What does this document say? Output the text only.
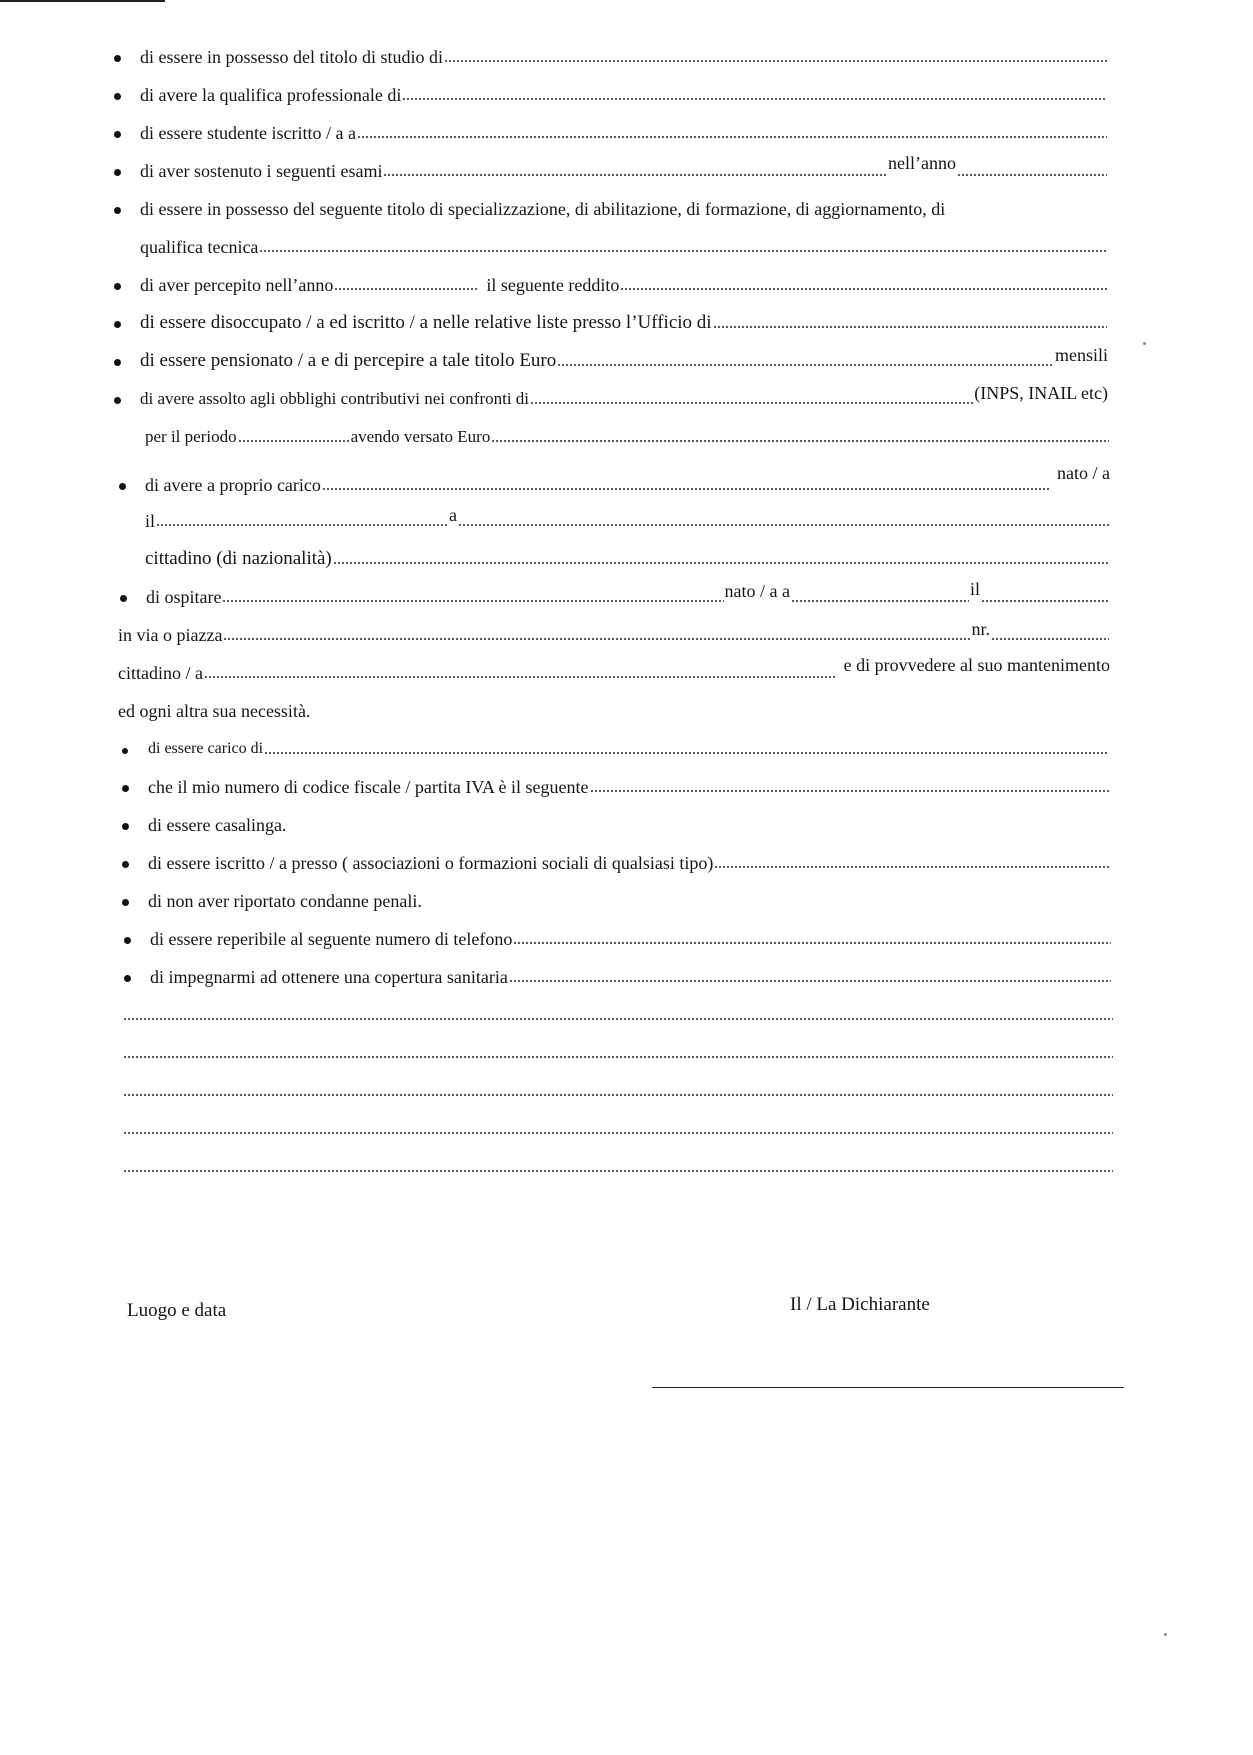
di essere in possesso del titolo di studio di
di avere la qualifica professionale di
di essere studente iscritto / a a
di aver sostenuto i seguenti esami	nell’anno
di essere in possesso del seguente titolo di specializzazione, di abilitazione, di formazione, di aggiornamento, di
qualifica tecnica
di aver percepito nell’anno	il seguente reddito
di essere disoccupato / a ed iscritto / a nelle relative liste presso l’Ufficio di
di essere pensionato / a e di percepire a tale titolo Euro	mensili
di avere assolto agli obblighi contributivi nei confronti di	(INPS, INAIL etc)
per il periodo	avendo versato Euro
di avere a proprio carico
nato / a
il	a
cittadino (di nazionalità)
di ospitare	nato / a a	il
in via o piazza	nr.
cittadino / a	e di provvedere al suo mantenimento
ed ogni altra sua necessità.
di essere carico di
che il mio numero di codice fiscale / partita IVA è il seguente
di essere casalinga.
di essere iscritto / a presso ( associazioni o formazioni sociali di qualsiasi tipo)
di non aver riportato condanne penali.
di essere reperibile al seguente numero di telefono
di impegnarmi ad ottenere una copertura sanitaria
Luogo e data	Il / La Dichiarante
